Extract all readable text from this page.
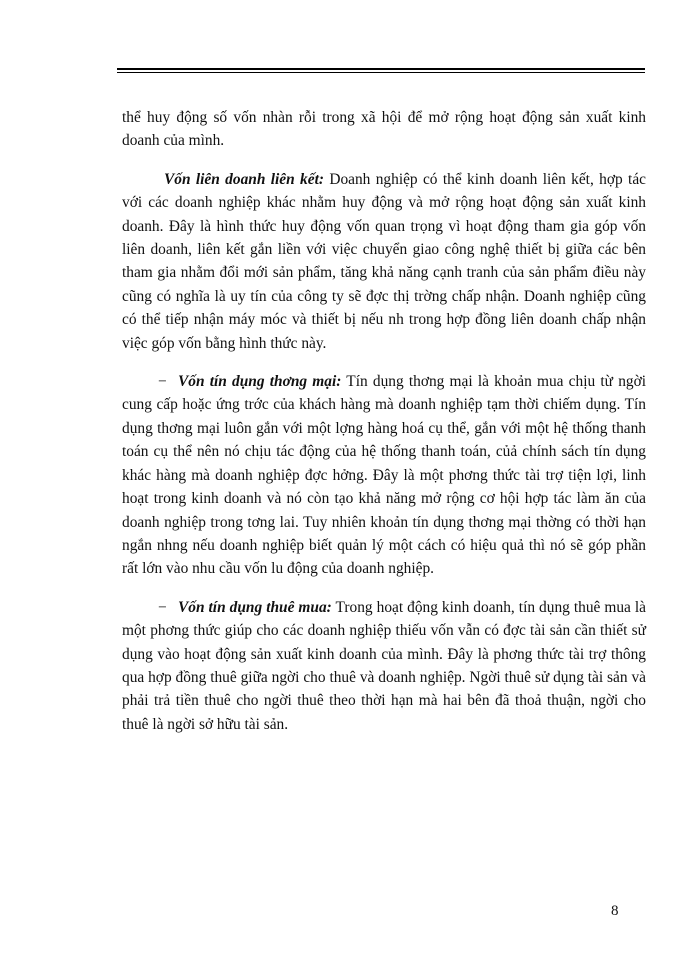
thể huy động số vốn nhàn rỗi trong xã hội để mở rộng hoạt động sản xuất kinh doanh của mình.

Vốn liên doanh liên kết: Doanh nghiệp có thể kinh doanh liên kết, hợp tác với các doanh nghiệp khác nhằm huy động và mở rộng hoạt động sản xuất kinh doanh. Đây là hình thức huy động vốn quan trọng vì hoạt động tham gia góp vốn liên doanh, liên kết gắn liền với việc chuyển giao công nghệ thiết bị giữa các bên tham gia nhằm đổi mới sản phẩm, tăng khả năng cạnh tranh của sản phẩm điều này cũng có nghĩa là uy tín của công ty sẽ đợc thị trờng chấp nhận. Doanh nghiệp cũng có thể tiếp nhận máy móc và thiết bị nếu nh trong hợp đồng liên doanh chấp nhận việc góp vốn bằng hình thức này.

− Vốn tín dụng thơng mại: Tín dụng thơng mại là khoản mua chịu từ ngời cung cấp hoặc ứng trớc của khách hàng mà doanh nghiệp tạm thời chiếm dụng. Tín dụng thơng mại luôn gắn với một lợng hàng hoá cụ thể, gắn với một hệ thống thanh toán cụ thể nên nó chịu tác động của hệ thống thanh toán, củả chính sách tín dụng khác hàng mà doanh nghiệp đợc hởng. Đây là một phơng thức tài trợ tiện lợi, linh hoạt trong kinh doanh và nó còn tạo khả năng mở rộng cơ hội hợp tác làm ăn của doanh nghiệp trong tơng lai. Tuy nhiên khoản tín dụng thơng mại thờng có thời hạn ngắn nhng nếu doanh nghiệp biết quản lý một cách có hiệu quả thì nó sẽ góp phần rất lớn vào nhu cầu vốn lu động của doanh nghiệp.

− Vốn tín dụng thuê mua: Trong hoạt động kinh doanh, tín dụng thuê mua là một phơng thức giúp cho các doanh nghiệp thiếu vốn vẫn có đợc tài sản cần thiết sử dụng vào hoạt động sản xuất kinh doanh của mình. Đây là phơng thức tài trợ thông qua hợp đồng thuê giữa ngời cho thuê và doanh nghiệp. Ngời thuê sử dụng tài sản và phải trả tiền thuê cho ngời thuê theo thời hạn mà hai bên đã thoả thuận, ngời cho thuê là ngời sở hữu tài sản.

8
